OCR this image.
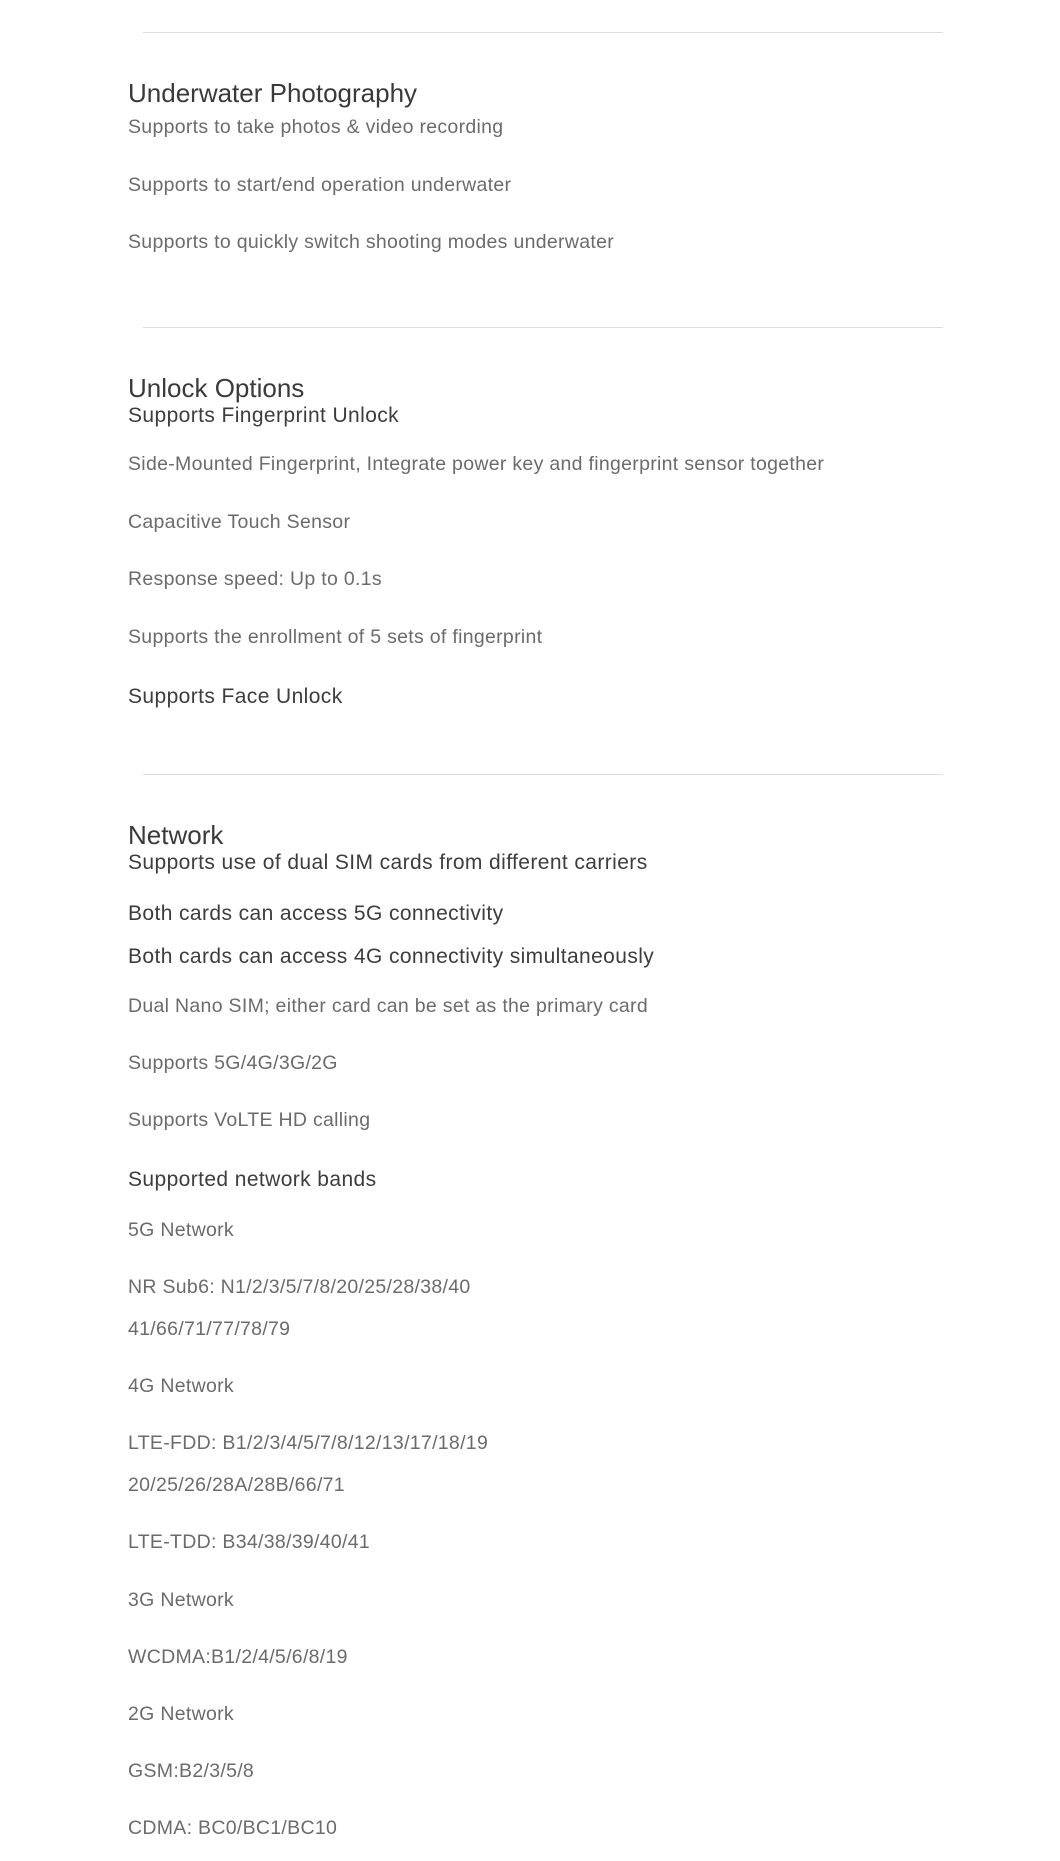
Underwater Photography
Supports to take photos & video recording
Supports to start/end operation underwater
Supports to quickly switch shooting modes underwater
Unlock Options
Supports Fingerprint Unlock
Side-Mounted Fingerprint, Integrate power key and fingerprint sensor together
Capacitive Touch Sensor
Response speed: Up to 0.1s
Supports the enrollment of 5 sets of fingerprint
Supports Face Unlock
Network
Supports use of dual SIM cards from different carriers
Both cards can access 5G connectivity
Both cards can access 4G connectivity simultaneously
Dual Nano SIM; either card can be set as the primary card
Supports 5G/4G/3G/2G
Supports VoLTE HD calling
Supported network bands
5G Network
NR Sub6: N1/2/3/5/7/8/20/25/28/38/40
41/66/71/77/78/79
4G Network
LTE-FDD: B1/2/3/4/5/7/8/12/13/17/18/19
20/25/26/28A/28B/66/71
LTE-TDD: B34/38/39/40/41
3G Network
WCDMA:B1/2/4/5/6/8/19
2G Network
GSM:B2/3/5/8
CDMA: BC0/BC1/BC10
